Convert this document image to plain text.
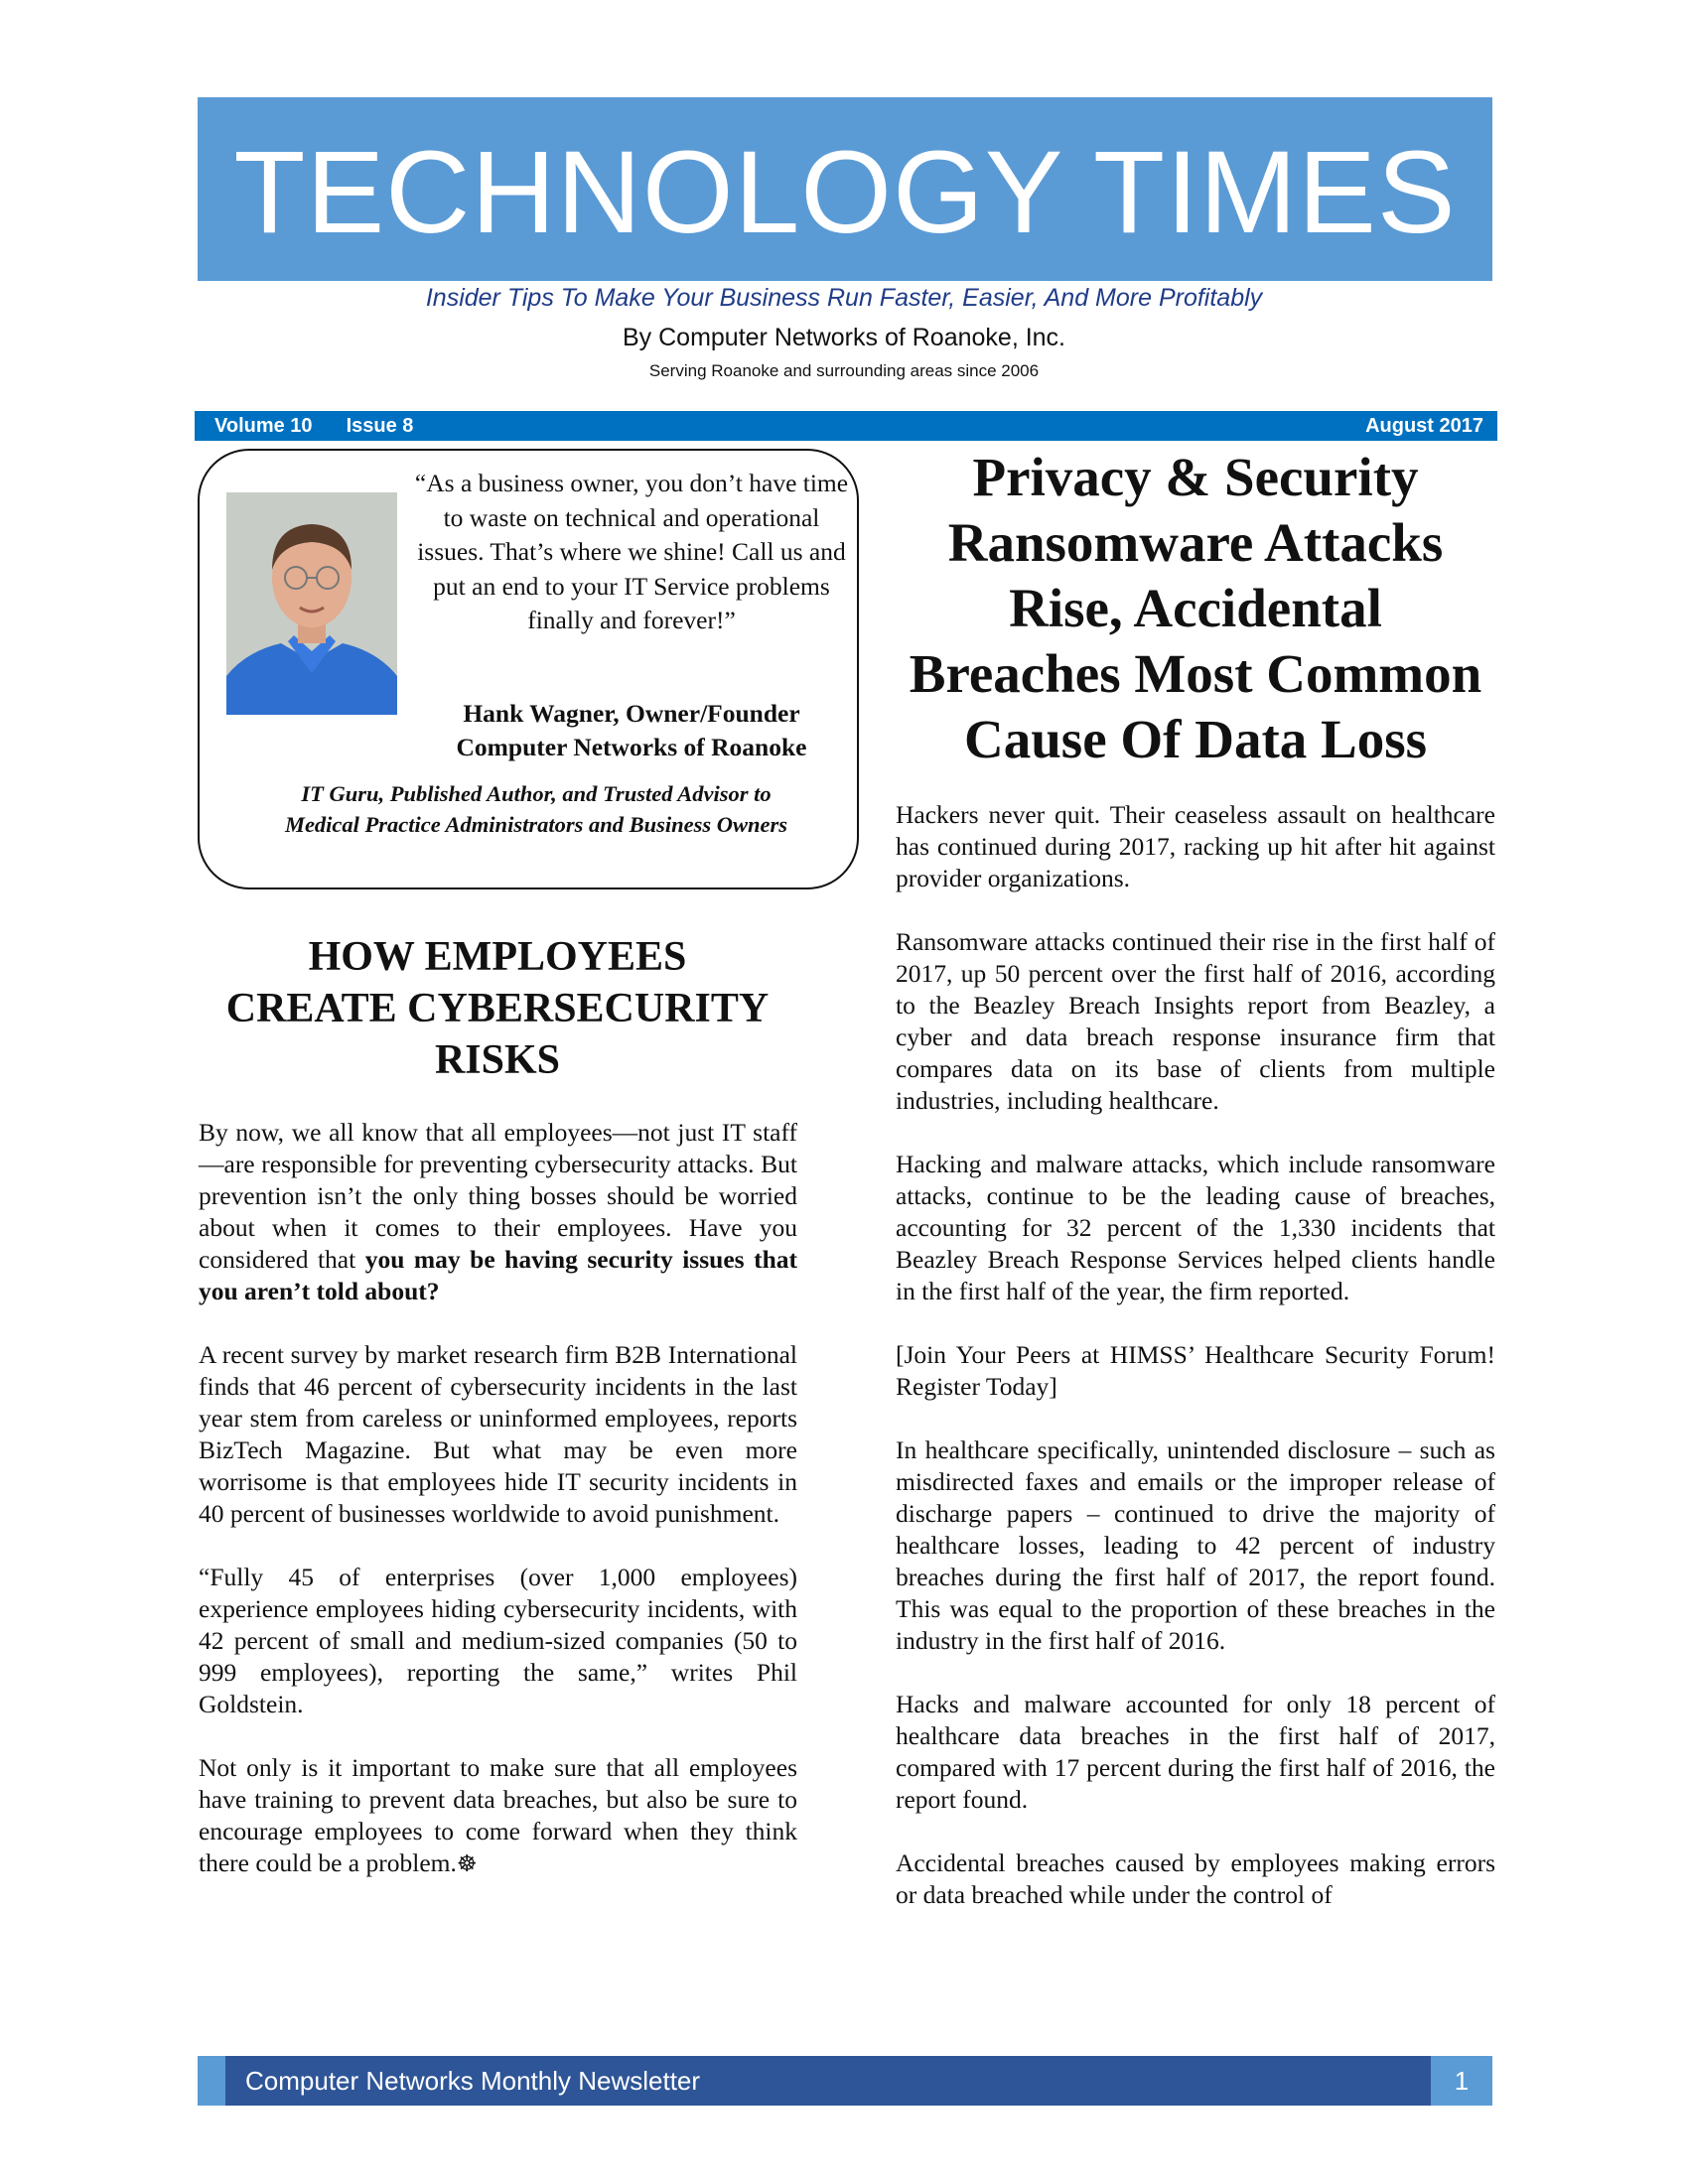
TECHNOLOGY TIMES
Insider Tips To Make Your Business Run Faster, Easier, And More Profitably
By Computer Networks of Roanoke, Inc.
Serving Roanoke and surrounding areas since 2006
Volume 10 Issue 8	August 2017
“As a business owner, you don’t have time to waste on technical and operational issues. That’s where we shine! Call us and put an end to your IT Service problems finally and forever!”
Hank Wagner, Owner/Founder
Computer Networks of Roanoke
IT Guru, Published Author, and Trusted Advisor to Medical Practice Administrators and Business Owners
HOW EMPLOYEES
CREATE CYBERSECURITY
RISKS

By now, we all know that all employees—not just IT staff—are responsible for preventing cybersecurity attacks. But prevention isn’t the only thing bosses should be worried about when it comes to their employees. Have you considered that you may be having security issues that you aren’t told about?

A recent survey by market research firm B2B International finds that 46 percent of cybersecurity incidents in the last year stem from careless or uninformed employees, reports BizTech Magazine. But what may be even more worrisome is that employees hide IT security incidents in 40 percent of businesses worldwide to avoid punishment.

“Fully 45 of enterprises (over 1,000 employees) experience employees hiding cybersecurity incidents, with 42 percent of small and medium-sized companies (50 to 999 employees), reporting the same,” writes Phil Goldstein.

Not only is it important to make sure that all employees have training to prevent data breaches, but also be sure to encourage employees to come forward when they think there could be a problem.☸

Privacy & Security
Ransomware Attacks
Rise, Accidental
Breaches Most Common
Cause Of Data Loss

Hackers never quit. Their ceaseless assault on healthcare has continued during 2017, racking up hit after hit against provider organizations.

Ransomware attacks continued their rise in the first half of 2017, up 50 percent over the first half of 2016, according to the Beazley Breach Insights report from Beazley, a cyber and data breach response insurance firm that compares data on its base of clients from multiple industries, including healthcare.

Hacking and malware attacks, which include ransomware attacks, continue to be the leading cause of breaches, accounting for 32 percent of the 1,330 incidents that Beazley Breach Response Services helped clients handle in the first half of the year, the firm reported.

[Join Your Peers at HIMSS’ Healthcare Security Forum! Register Today]

In healthcare specifically, unintended disclosure – such as misdirected faxes and emails or the improper release of discharge papers – continued to drive the majority of healthcare losses, leading to 42 percent of industry breaches during the first half of 2017, the report found. This was equal to the proportion of these breaches in the industry in the first half of 2016.

Hacks and malware accounted for only 18 percent of healthcare data breaches in the first half of 2017, compared with 17 percent during the first half of 2016, the report found.

Accidental breaches caused by employees making errors or data breached while under the control of

Computer Networks Monthly Newsletter	1
